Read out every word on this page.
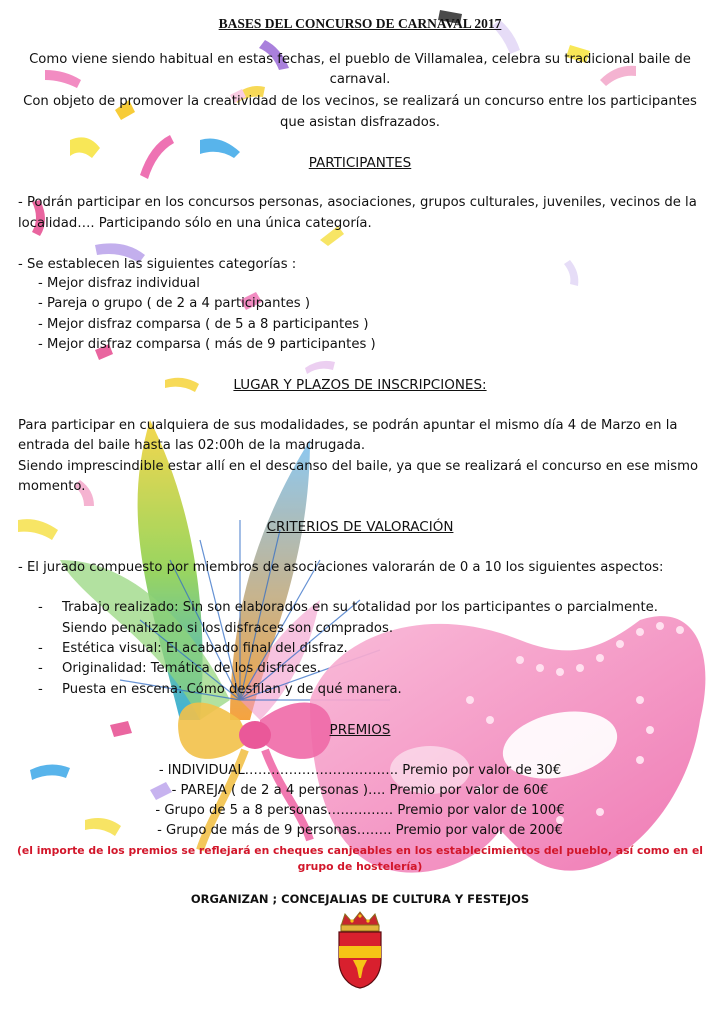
BASES DEL CONCURSO DE CARNAVAL 2017
Como viene siendo habitual en estas fechas, el pueblo de Villamalea, celebra su tradicional baile de
carnaval.
Con objeto de promover la creatividad de los vecinos, se realizará un concurso entre los participantes
que asistan disfrazados.
PARTICIPANTES
- Podrán participar en los concursos personas, asociaciones, grupos culturales, juveniles, vecinos de la
localidad…. Participando sólo en una única categoría.
- Se establecen las siguientes categorías :
- Mejor disfraz individual
- Pareja o grupo ( de 2 a 4 participantes )
- Mejor disfraz comparsa ( de 5 a 8 participantes )
- Mejor disfraz comparsa ( más de 9 participantes )
LUGAR Y PLAZOS DE INSCRIPCIONES:
Para participar en cualquiera de sus modalidades, se podrán apuntar el mismo día 4 de Marzo en la
entrada del baile hasta las 02:00h de la madrugada.
Siendo imprescindible estar allí en el descanso del baile, ya que se realizará el concurso en ese mismo
momento.
CRITERIOS DE VALORACIÓN
- El jurado compuesto por miembros de asociaciones valorarán de 0 a 10 los siguientes aspectos:
- Trabajo realizado: Sin son elaborados en su totalidad por los participantes o parcialmente.
Siendo penalizado si los disfraces son comprados.
- Estética visual: El acabado final del disfraz.
- Originalidad: Temática de los disfraces.
- Puesta en escena: Cómo desfilan y de qué manera.
PREMIOS
- INDIVIDUAL…………………………….. Premio por valor de 30€
- PAREJA ( de 2 a 4 personas )…. Premio por valor de 60€
- Grupo de 5 a 8 personas…………… Premio por valor de 100€
- Grupo de más de 9 personas…….. Premio por valor de 200€
(el importe de los premios se reflejará en cheques canjeables en los establecimientos del pueblo, así como en el
grupo de hostelería)
ORGANIZAN ; CONCEJALIAS DE CULTURA Y FESTEJOS
